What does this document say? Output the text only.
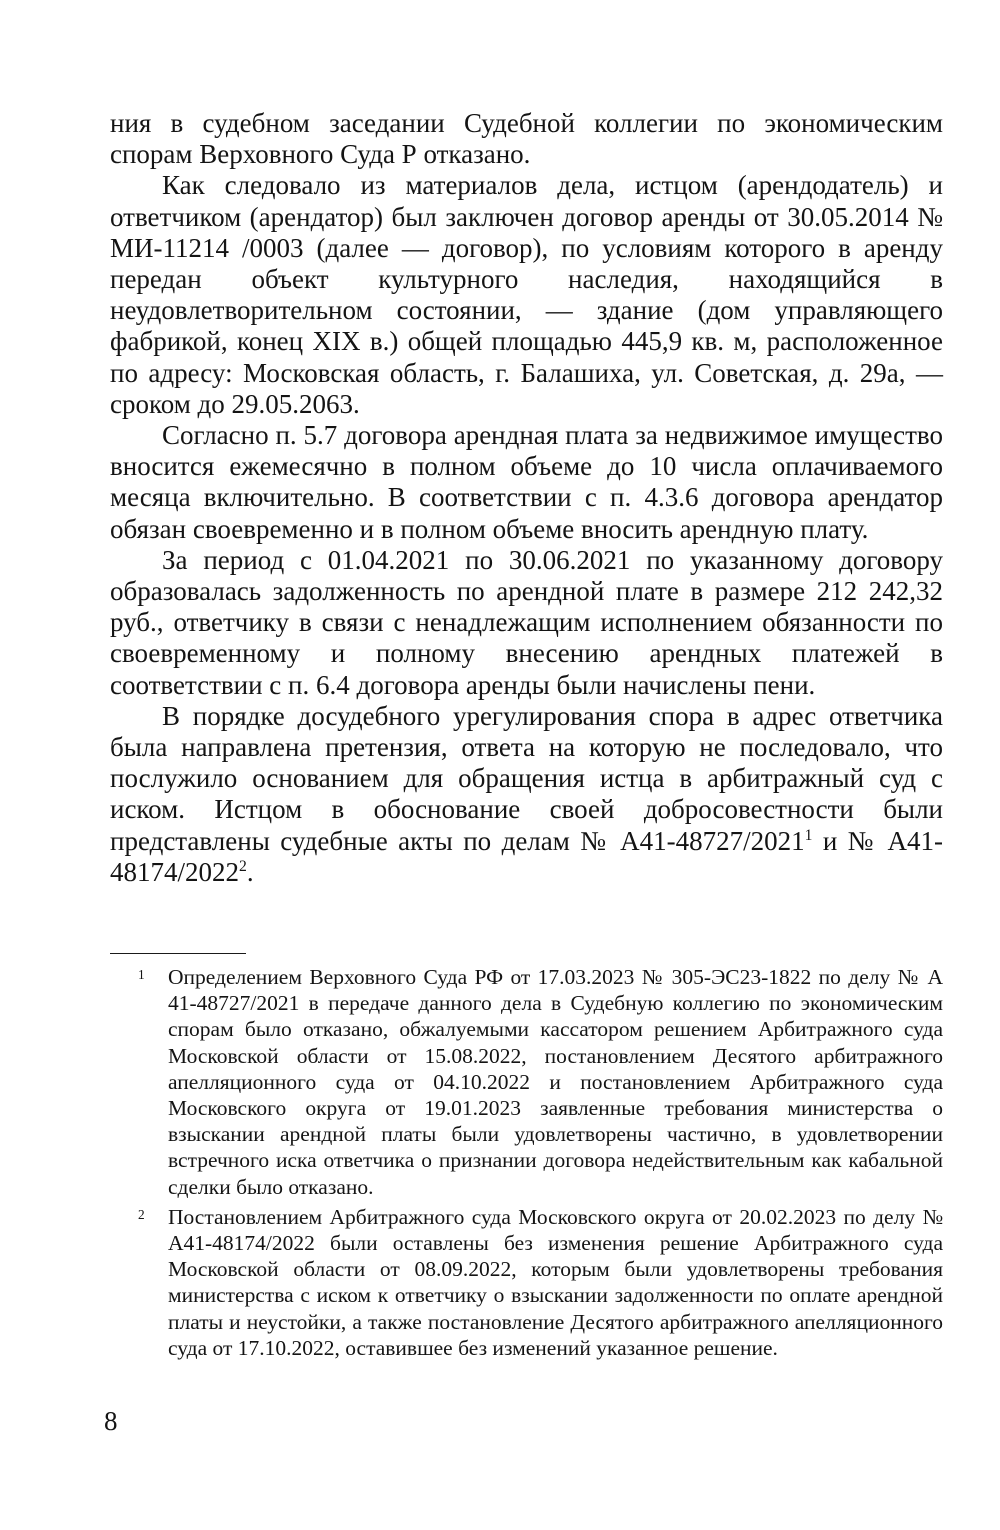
ния в судебном заседании Судебной коллегии по экономическим спорам Верховного Суда Р отказано.

Как следовало из материалов дела, истцом (арендодатель) и ответчиком (арендатор) был заключен договор аренды от 30.05.2014 № МИ-11214 /0003 (далее — договор), по условиям которого в аренду передан объект культурного наследия, находящийся в неудовлетворительном состоянии, — здание (дом управляющего фабрикой, конец XIX в.) общей площадью 445,9 кв. м, расположенное по адресу: Московская область, г. Балашиха, ул. Советская, д. 29а, — сроком до 29.05.2063.

Согласно п. 5.7 договора арендная плата за недвижимое имущество вносится ежемесячно в полном объеме до 10 числа оплачиваемого месяца включительно. В соответствии с п. 4.3.6 договора арендатор обязан своевременно и в полном объеме вносить арендную плату.

За период с 01.04.2021 по 30.06.2021 по указанному договору образовалась задолженность по арендной плате в размере 212 242,32 руб., ответчику в связи с ненадлежащим исполнением обязанности по своевременному и полному внесению арендных платежей в соответствии с п. 6.4 договора аренды были начислены пени.

В порядке досудебного урегулирования спора в адрес ответчика была направлена претензия, ответа на которую не последовало, что послужило основанием для обращения истца в арбитражный суд с иском. Истцом в обоснование своей добросовестности были представлены судебные акты по делам № А41-48727/2021$^1$ и № А41-48174/2022$^2$.

1	Определением Верховного Суда РФ от 17.03.2023 № 305-ЭС23-1822 по делу № А 41-48727/2021 в передаче данного дела в Судебную коллегию по экономическим спорам было отказано, обжалуемыми кассатором решением Арбитражного суда Московской области от 15.08.2022, постановлением Десятого арбитражного апелляционного суда от 04.10.2022 и постановлением Арбитражного суда Московского округа от 19.01.2023 заявленные требования министерства о взыскании арендной платы были удовлетворены частично, в удовлетворении встречного иска ответчика о признании договора недействительным как кабальной сделки было отказано.
2	Постановлением Арбитражного суда Московского округа от 20.02.2023 по делу № А41-48174/2022 были оставлены без изменения решение Арбитражного суда Московской области от 08.09.2022, которым были удовлетворены требования министерства с иском к ответчику о взыскании задолженности по оплате арендной платы и неустойки, а также постановление Десятого арбитражного апелляционного суда от 17.10.2022, оставившее без изменений указанное решение.
8
